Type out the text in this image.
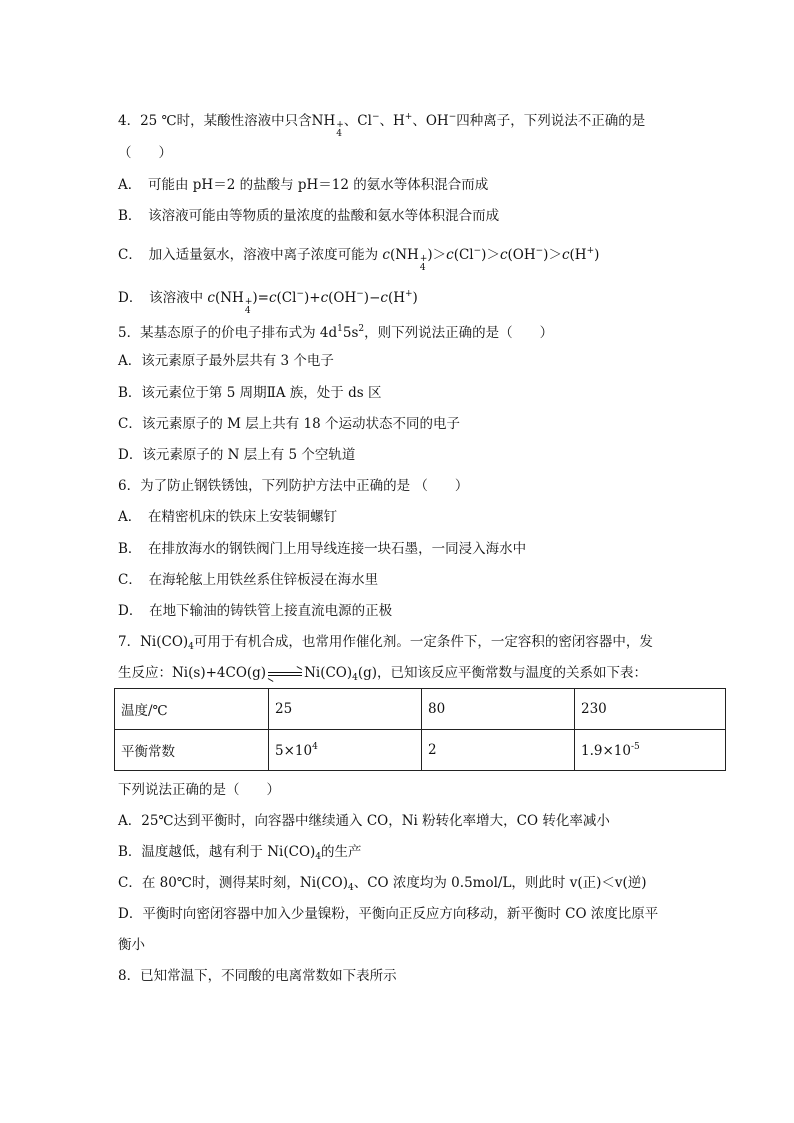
4．25 ℃时，某酸性溶液中只含 NH +
4
、Cl−、H+、OH−四种离子，下列说法不正确的是
（　　）
A．　可能由 pH＝2 的盐酸与 pH＝12 的氨水等体积混合而成
B．　该溶液可能由等物质的量浓度的盐酸和氨水等体积混合而成
C．　加入适量氨水，溶液中离子浓度可能为 c ( NH +
4
) ＞c(Cl−)＞c(OH−)＞c(H+)
D．　该溶液中 c ( NH +
4
) =c(Cl−)+c(OH−)−c(H+)
5．某基态原子的价电子排布式为 $4d^15s^2$，则下列说法正确的是（　　）
A．该元素原子最外层共有 3 个电子
B．该元素位于第 5 周期ⅡA 族，处于 ds 区
C．该元素原子的 M 层上共有 18 个运动状态不同的电子
D．该元素原子的 N 层上有 5 个空轨道
6．为了防止钢铁锈蚀，下列防护方法中正确的是 （　　）
A．　在精密机床的铁床上安装铜螺钉
B．　在排放海水的钢铁阀门上用导线连接一块石墨，一同浸入海水中
C．　在海轮舷上用铁丝系住锌板浸在海水里
D．　在地下输油的铸铁管上接直流电源的正极
7．$Ni(CO)_4$可用于有机合成，也常用作催化剂。一定条件下，一定容积的密闭容器中，发
生反应：Ni(s)+4CO(g)	$Ni(CO)_4(g)$，已知该反应平衡常数与温度的关系如下表：
温度/℃	25	80	230
平衡常数	$5\times 10^4$	2	$1.9\times 10^{-5}$
下列说法正确的是（　　）
A．25℃达到平衡时，向容器中继续通入 CO，Ni 粉转化率增大，CO 转化率减小
B．温度越低，越有利于 $Ni(CO)_4$的生产
C．在 80℃时，测得某时刻，$Ni(CO)_4$、CO 浓度均为 0.5mol/L，则此时 v(正)＜v(逆)
D．平衡时向密闭容器中加入少量镍粉，平衡向正反应方向移动，新平衡时 CO 浓度比原平
衡小
8．已知常温下，不同酸的电离常数如下表所示
